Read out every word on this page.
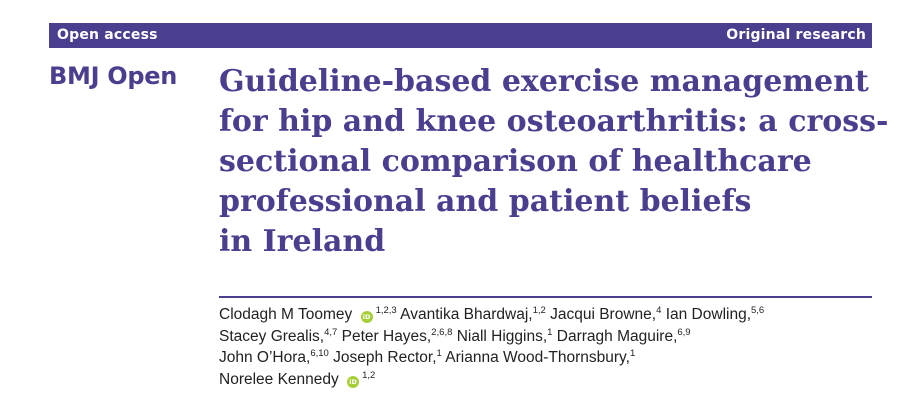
Open access	Original research
BMJ Open Guideline-based exercise management
for hip and knee osteoarthritis: a cross-
sectional comparison of healthcare
professional and patient beliefs
in Ireland
Clodagh M Toomey iD$^{1,2,3}$ Avantika Bhardwaj,$^{1,2}$ Jacqui Browne,$^4$ Ian Dowling,$^{5,6}$
Stacey Grealis,$^{4,7}$ Peter Hayes,$^{2,6,8}$ Niall Higgins,$^1$ Darragh Maguire,$^{6,9}$
John O’Hora,$^{6,10}$ Joseph Rector,$^1$ Arianna Wood-Thornsbury,$^1$
Norelee Kennedy iD$^{1,2}$
